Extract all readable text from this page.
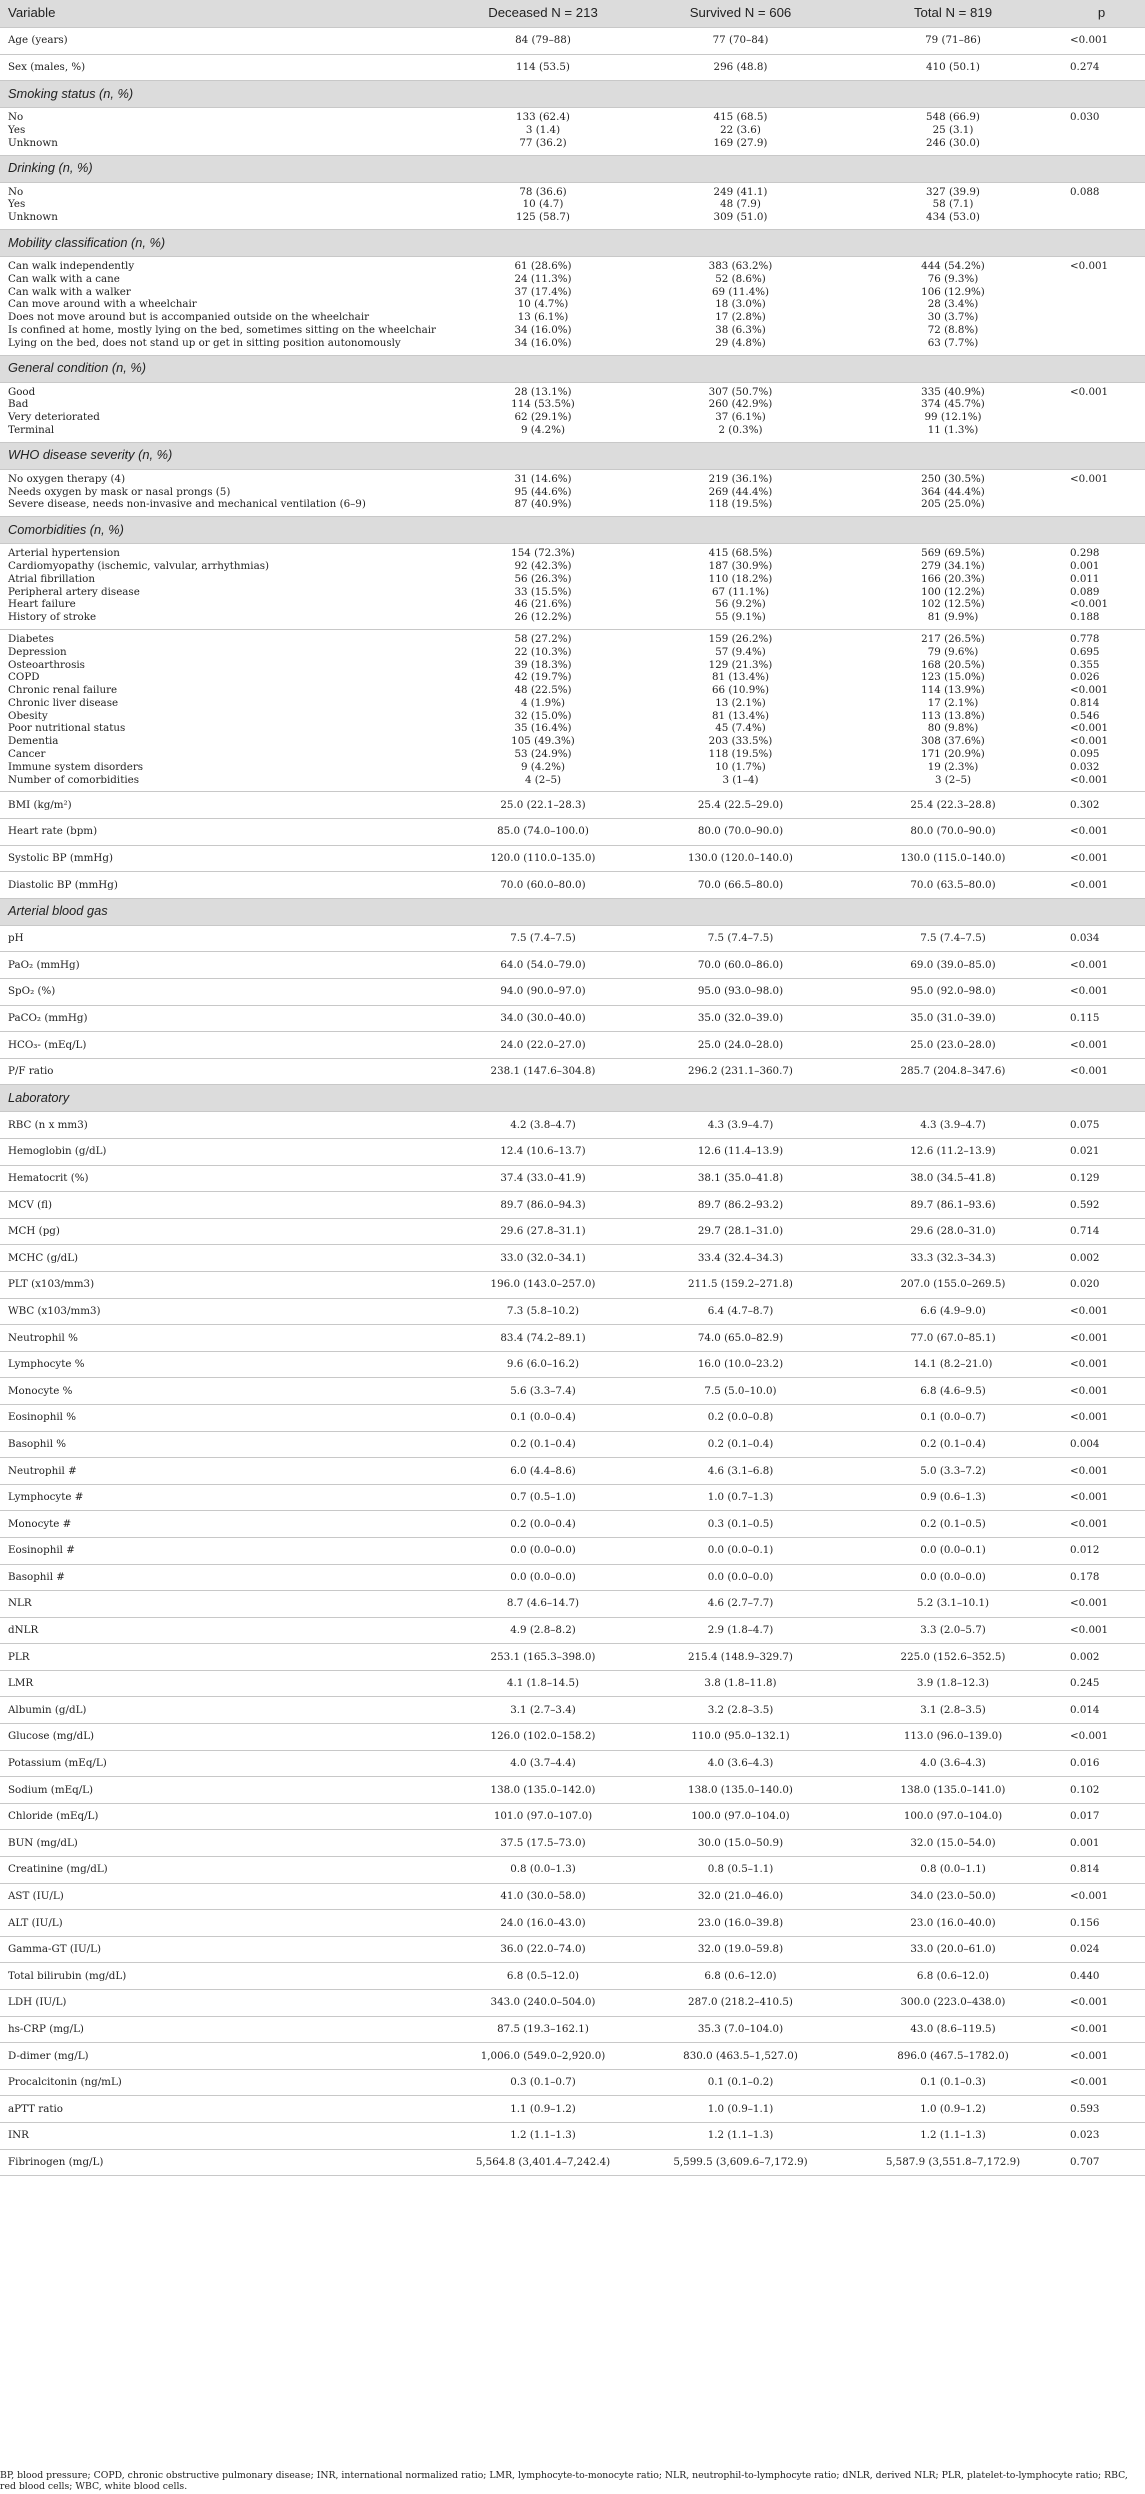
Variable	Deceased N = 213	Survived N = 606	Total N = 819	p
Age (years)	84 (79–88)	77 (70–84)	79 (71–86)	<0.001
Sex (males, %)	114 (53.5)	296 (48.8)	410 (50.1)	0.274
Smoking status (n, %)				

No	133 (62.4)	415 (68.5)	548 (66.9)	0.030
Yes	3 (1.4)	22 (3.6)	25 (3.1)	
Unknown	77 (36.2)	169 (27.9)	246 (30.0)	

Drinking (n, %)				

No	78 (36.6)	249 (41.1)	327 (39.9)	0.088
Yes	10 (4.7)	48 (7.9)	58 (7.1)	
Unknown	125 (58.7)	309 (51.0)	434 (53.0)	

Mobility classification (n, %)				

Can walk independently	61 (28.6%)	383 (63.2%)	444 (54.2%)	<0.001
Can walk with a cane	24 (11.3%)	52 (8.6%)	76 (9.3%)	
Can walk with a walker	37 (17.4%)	69 (11.4%)	106 (12.9%)	
Can move around with a wheelchair	10 (4.7%)	18 (3.0%)	28 (3.4%)	
Does not move around but is accompanied outside on the wheelchair	13 (6.1%)	17 (2.8%)	30 (3.7%)	
Is confined at home, mostly lying on the bed, sometimes sitting on the wheelchair	34 (16.0%)	38 (6.3%)	72 (8.8%)	
Lying on the bed, does not stand up or get in sitting position autonomously	34 (16.0%)	29 (4.8%)	63 (7.7%)	

General condition (n, %)				

Good	28 (13.1%)	307 (50.7%)	335 (40.9%)	<0.001
Bad	114 (53.5%)	260 (42.9%)	374 (45.7%)	
Very deteriorated	62 (29.1%)	37 (6.1%)	99 (12.1%)	
Terminal	9 (4.2%)	2 (0.3%)	11 (1.3%)	

WHO disease severity (n, %)				

No oxygen therapy (4)	31 (14.6%)	219 (36.1%)	250 (30.5%)	<0.001
Needs oxygen by mask or nasal prongs (5)	95 (44.6%)	269 (44.4%)	364 (44.4%)	
Severe disease, needs non-invasive and mechanical ventilation (6–9)	87 (40.9%)	118 (19.5%)	205 (25.0%)	

Comorbidities (n, %)				

Arterial hypertension	154 (72.3%)	415 (68.5%)	569 (69.5%)	0.298
Cardiomyopathy (ischemic, valvular, arrhythmias)	92 (42.3%)	187 (30.9%)	279 (34.1%)	0.001
Atrial fibrillation	56 (26.3%)	110 (18.2%)	166 (20.3%)	0.011
Peripheral artery disease	33 (15.5%)	67 (11.1%)	100 (12.2%)	0.089
Heart failure	46 (21.6%)	56 (9.2%)	102 (12.5%)	<0.001
History of stroke	26 (12.2%)	55 (9.1%)	81 (9.9%)	0.188

Diabetes	58 (27.2%)	159 (26.2%)	217 (26.5%)	0.778
Depression	22 (10.3%)	57 (9.4%)	79 (9.6%)	0.695
Osteoarthrosis	39 (18.3%)	129 (21.3%)	168 (20.5%)	0.355
COPD	42 (19.7%)	81 (13.4%)	123 (15.0%)	0.026
Chronic renal failure	48 (22.5%)	66 (10.9%)	114 (13.9%)	<0.001
Chronic liver disease	4 (1.9%)	13 (2.1%)	17 (2.1%)	0.814
Obesity	32 (15.0%)	81 (13.4%)	113 (13.8%)	0.546
Poor nutritional status	35 (16.4%)	45 (7.4%)	80 (9.8%)	<0.001
Dementia	105 (49.3%)	203 (33.5%)	308 (37.6%)	<0.001
Cancer	53 (24.9%)	118 (19.5%)	171 (20.9%)	0.095
Immune system disorders	9 (4.2%)	10 (1.7%)	19 (2.3%)	0.032
Number of comorbidities	4 (2–5)	3 (1–4)	3 (2–5)	<0.001

BMI (kg/m²)	25.0 (22.1–28.3)	25.4 (22.5–29.0)	25.4 (22.3–28.8)	0.302
Heart rate (bpm)	85.0 (74.0–100.0)	80.0 (70.0–90.0)	80.0 (70.0–90.0)	<0.001
Systolic BP (mmHg)	120.0 (110.0–135.0)	130.0 (120.0–140.0)	130.0 (115.0–140.0)	<0.001
Diastolic BP (mmHg)	70.0 (60.0–80.0)	70.0 (66.5–80.0)	70.0 (63.5–80.0)	<0.001
Arterial blood gas				
pH	7.5 (7.4–7.5)	7.5 (7.4–7.5)	7.5 (7.4–7.5)	0.034
PaO₂ (mmHg)	64.0 (54.0–79.0)	70.0 (60.0–86.0)	69.0 (39.0–85.0)	<0.001
SpO₂ (%)	94.0 (90.0–97.0)	95.0 (93.0–98.0)	95.0 (92.0–98.0)	<0.001
PaCO₂ (mmHg)	34.0 (30.0–40.0)	35.0 (32.0–39.0)	35.0 (31.0–39.0)	0.115
HCO₃- (mEq/L)	24.0 (22.0–27.0)	25.0 (24.0–28.0)	25.0 (23.0–28.0)	<0.001
P/F ratio	238.1 (147.6–304.8)	296.2 (231.1–360.7)	285.7 (204.8–347.6)	<0.001
Laboratory				
RBC (n x mm3)	4.2 (3.8–4.7)	4.3 (3.9–4.7)	4.3 (3.9–4.7)	0.075
Hemoglobin (g/dL)	12.4 (10.6–13.7)	12.6 (11.4–13.9)	12.6 (11.2–13.9)	0.021
Hematocrit (%)	37.4 (33.0–41.9)	38.1 (35.0–41.8)	38.0 (34.5–41.8)	0.129
MCV (fl)	89.7 (86.0–94.3)	89.7 (86.2–93.2)	89.7 (86.1–93.6)	0.592
MCH (pg)	29.6 (27.8–31.1)	29.7 (28.1–31.0)	29.6 (28.0–31.0)	0.714
MCHC (g/dL)	33.0 (32.0–34.1)	33.4 (32.4–34.3)	33.3 (32.3–34.3)	0.002
PLT (x103/mm3)	196.0 (143.0–257.0)	211.5 (159.2–271.8)	207.0 (155.0–269.5)	0.020
WBC (x103/mm3)	7.3 (5.8–10.2)	6.4 (4.7–8.7)	6.6 (4.9–9.0)	<0.001
Neutrophil %	83.4 (74.2–89.1)	74.0 (65.0–82.9)	77.0 (67.0–85.1)	<0.001
Lymphocyte %	9.6 (6.0–16.2)	16.0 (10.0–23.2)	14.1 (8.2–21.0)	<0.001
Monocyte %	5.6 (3.3–7.4)	7.5 (5.0–10.0)	6.8 (4.6–9.5)	<0.001
Eosinophil %	0.1 (0.0–0.4)	0.2 (0.0–0.8)	0.1 (0.0–0.7)	<0.001
Basophil %	0.2 (0.1–0.4)	0.2 (0.1–0.4)	0.2 (0.1–0.4)	0.004
Neutrophil #	6.0 (4.4–8.6)	4.6 (3.1–6.8)	5.0 (3.3–7.2)	<0.001
Lymphocyte #	0.7 (0.5–1.0)	1.0 (0.7–1.3)	0.9 (0.6–1.3)	<0.001
Monocyte #	0.2 (0.0–0.4)	0.3 (0.1–0.5)	0.2 (0.1–0.5)	<0.001
Eosinophil #	0.0 (0.0–0.0)	0.0 (0.0–0.1)	0.0 (0.0–0.1)	0.012
Basophil #	0.0 (0.0–0.0)	0.0 (0.0–0.0)	0.0 (0.0–0.0)	0.178
NLR	8.7 (4.6–14.7)	4.6 (2.7–7.7)	5.2 (3.1–10.1)	<0.001
dNLR	4.9 (2.8–8.2)	2.9 (1.8–4.7)	3.3 (2.0–5.7)	<0.001
PLR	253.1 (165.3–398.0)	215.4 (148.9–329.7)	225.0 (152.6–352.5)	0.002
LMR	4.1 (1.8–14.5)	3.8 (1.8–11.8)	3.9 (1.8–12.3)	0.245
Albumin (g/dL)	3.1 (2.7–3.4)	3.2 (2.8–3.5)	3.1 (2.8–3.5)	0.014
Glucose (mg/dL)	126.0 (102.0–158.2)	110.0 (95.0–132.1)	113.0 (96.0–139.0)	<0.001
Potassium (mEq/L)	4.0 (3.7–4.4)	4.0 (3.6–4.3)	4.0 (3.6–4.3)	0.016
Sodium (mEq/L)	138.0 (135.0–142.0)	138.0 (135.0–140.0)	138.0 (135.0–141.0)	0.102
Chloride (mEq/L)	101.0 (97.0–107.0)	100.0 (97.0–104.0)	100.0 (97.0–104.0)	0.017
BUN (mg/dL)	37.5 (17.5–73.0)	30.0 (15.0–50.9)	32.0 (15.0–54.0)	0.001
Creatinine (mg/dL)	0.8 (0.0–1.3)	0.8 (0.5–1.1)	0.8 (0.0–1.1)	0.814
AST (IU/L)	41.0 (30.0–58.0)	32.0 (21.0–46.0)	34.0 (23.0–50.0)	<0.001
ALT (IU/L)	24.0 (16.0–43.0)	23.0 (16.0–39.8)	23.0 (16.0–40.0)	0.156
Gamma-GT (IU/L)	36.0 (22.0–74.0)	32.0 (19.0–59.8)	33.0 (20.0–61.0)	0.024
Total bilirubin (mg/dL)	6.8 (0.5–12.0)	6.8 (0.6–12.0)	6.8 (0.6–12.0)	0.440
LDH (IU/L)	343.0 (240.0–504.0)	287.0 (218.2–410.5)	300.0 (223.0–438.0)	<0.001
hs-CRP (mg/L)	87.5 (19.3–162.1)	35.3 (7.0–104.0)	43.0 (8.6–119.5)	<0.001
D-dimer (mg/L)	1,006.0 (549.0–2,920.0)	830.0 (463.5–1,527.0)	896.0 (467.5–1782.0)	<0.001
Procalcitonin (ng/mL)	0.3 (0.1–0.7)	0.1 (0.1–0.2)	0.1 (0.1–0.3)	<0.001
aPTT ratio	1.1 (0.9–1.2)	1.0 (0.9–1.1)	1.0 (0.9–1.2)	0.593
INR	1.2 (1.1–1.3)	1.2 (1.1–1.3)	1.2 (1.1–1.3)	0.023
Fibrinogen (mg/L)	5,564.8 (3,401.4–7,242.4)	5,599.5 (3,609.6–7,172.9)	5,587.9 (3,551.8–7,172.9)	0.707
BP, blood pressure; COPD, chronic obstructive pulmonary disease; INR, international normalized ratio; LMR, lymphocyte-to-monocyte ratio; NLR, neutrophil-to-lymphocyte ratio; dNLR, derived NLR; PLR, platelet-to-lymphocyte ratio; RBC, red blood cells; WBC, white blood cells.
